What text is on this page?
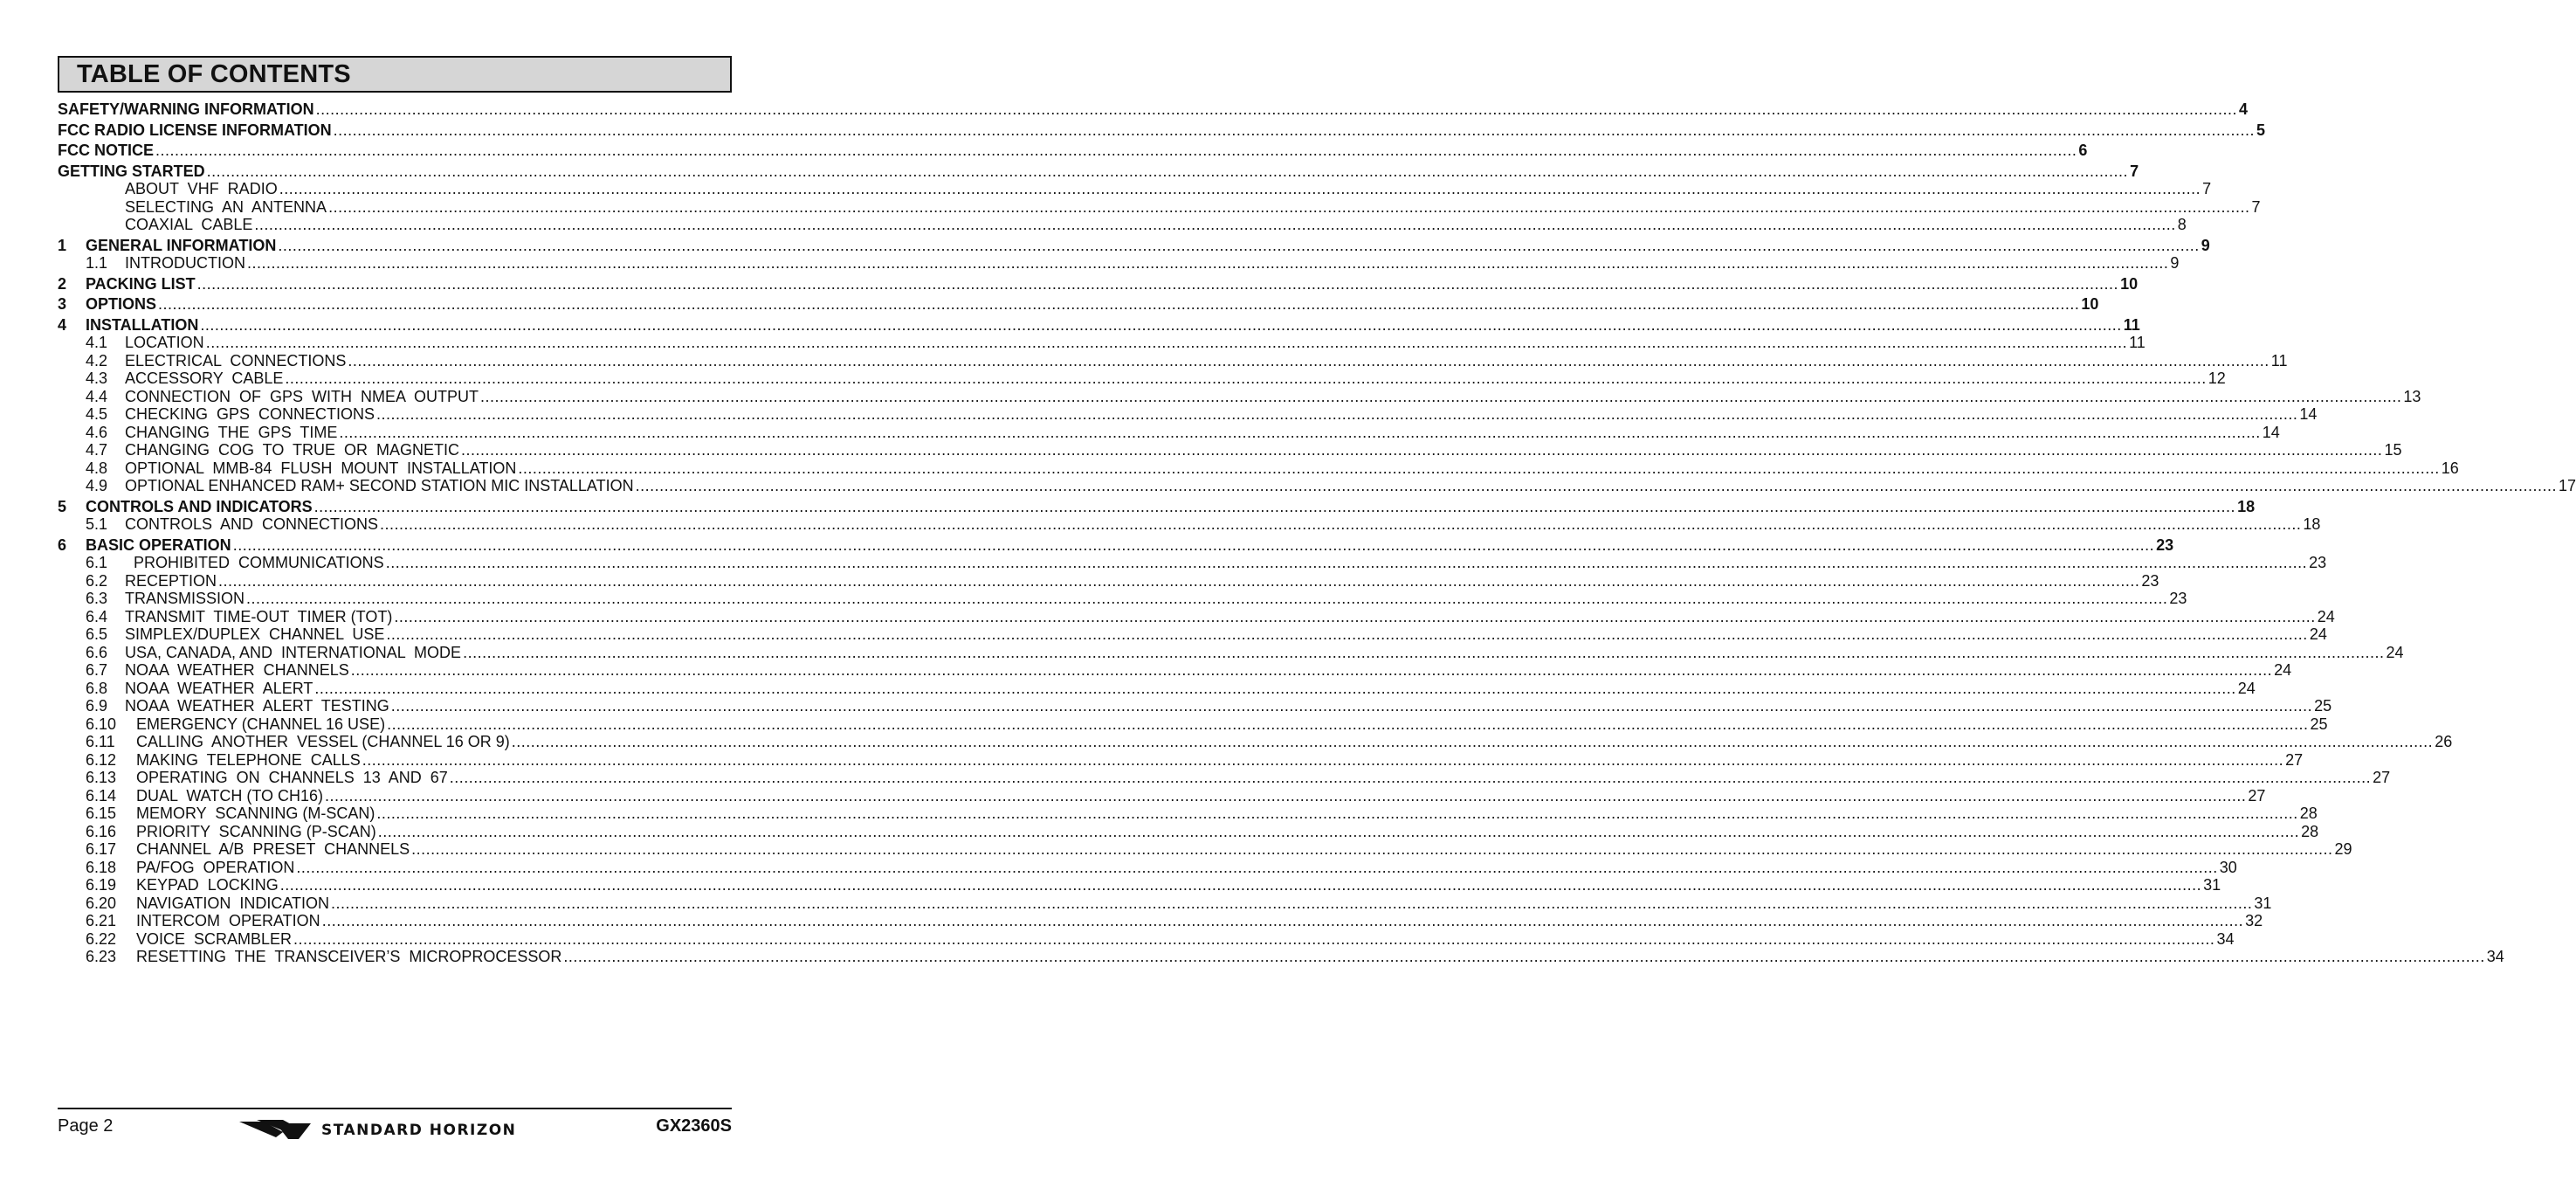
TABLE OF CONTENTS
SAFETY/WARNING INFORMATION ................................................................................................................................................................................................................................................................................................................................................................................................................ 4
FCC RADIO LICENSE INFORMATION ................................................................................................................................................................................................................................................................................................................................................................................................................ 5
FCC NOTICE ................................................................................................................................................................................................................................................................................................................................................................................................................ 6
GETTING STARTED ................................................................................................................................................................................................................................................................................................................................................................................................................ 7
ABOUT  VHF  RADIO ................................................................................................................................................................................................................................................................................................................................................................................................................ 7
SELECTING  AN  ANTENNA ................................................................................................................................................................................................................................................................................................................................................................................................................ 7
COAXIAL  CABLE ................................................................................................................................................................................................................................................................................................................................................................................................................ 8
1	GENERAL INFORMATION ................................................................................................................................................................................................................................................................................................................................................................................................................ 9
1.1	INTRODUCTION ................................................................................................................................................................................................................................................................................................................................................................................................................ 9
2	PACKING LIST ................................................................................................................................................................................................................................................................................................................................................................................................................ 10
3	OPTIONS ................................................................................................................................................................................................................................................................................................................................................................................................................ 10
4	INSTALLATION ................................................................................................................................................................................................................................................................................................................................................................................................................ 11
4.1	LOCATION ................................................................................................................................................................................................................................................................................................................................................................................................................ 11
4.2	ELECTRICAL  CONNECTIONS ................................................................................................................................................................................................................................................................................................................................................................................................................ 11
4.3	ACCESSORY  CABLE ................................................................................................................................................................................................................................................................................................................................................................................................................ 12
4.4	CONNECTION  OF  GPS  WITH  NMEA  OUTPUT ................................................................................................................................................................................................................................................................................................................................................................................................................ 13
4.5	CHECKING  GPS  CONNECTIONS ................................................................................................................................................................................................................................................................................................................................................................................................................ 14
4.6	CHANGING  THE  GPS  TIME ................................................................................................................................................................................................................................................................................................................................................................................................................ 14
4.7	CHANGING  COG  TO  TRUE  OR  MAGNETIC ................................................................................................................................................................................................................................................................................................................................................................................................................ 15
4.8	OPTIONAL  MMB-84  FLUSH  MOUNT  INSTALLATION ................................................................................................................................................................................................................................................................................................................................................................................................................ 16
4.9	OPTIONAL ENHANCED RAM+ SECOND STATION MIC INSTALLATION ................................................................................................................................................................................................................................................................................................................................................................................................................ 17
5	CONTROLS AND INDICATORS ................................................................................................................................................................................................................................................................................................................................................................................................................ 18
5.1	CONTROLS  AND  CONNECTIONS ................................................................................................................................................................................................................................................................................................................................................................................................................ 18
6	BASIC OPERATION ................................................................................................................................................................................................................................................................................................................................................................................................................ 23
6.1	PROHIBITED  COMMUNICATIONS ................................................................................................................................................................................................................................................................................................................................................................................................................ 23
6.2	RECEPTION ................................................................................................................................................................................................................................................................................................................................................................................................................ 23
6.3	TRANSMISSION ................................................................................................................................................................................................................................................................................................................................................................................................................ 23
6.4	TRANSMIT  TIME-OUT  TIMER (TOT) ................................................................................................................................................................................................................................................................................................................................................................................................................ 24
6.5	SIMPLEX/DUPLEX  CHANNEL  USE ................................................................................................................................................................................................................................................................................................................................................................................................................ 24
6.6	USA, CANADA, AND  INTERNATIONAL  MODE ................................................................................................................................................................................................................................................................................................................................................................................................................ 24
6.7	NOAA  WEATHER  CHANNELS ................................................................................................................................................................................................................................................................................................................................................................................................................ 24
6.8	NOAA  WEATHER  ALERT ................................................................................................................................................................................................................................................................................................................................................................................................................ 24
6.9	NOAA  WEATHER  ALERT  TESTING ................................................................................................................................................................................................................................................................................................................................................................................................................ 25
6.10	EMERGENCY (CHANNEL 16 USE) ................................................................................................................................................................................................................................................................................................................................................................................................................ 25
6.11	CALLING  ANOTHER  VESSEL (CHANNEL 16 OR 9) ................................................................................................................................................................................................................................................................................................................................................................................................................ 26
6.12	MAKING  TELEPHONE  CALLS ................................................................................................................................................................................................................................................................................................................................................................................................................ 27
6.13	OPERATING  ON  CHANNELS  13  AND  67 ................................................................................................................................................................................................................................................................................................................................................................................................................ 27
6.14	DUAL  WATCH (TO CH16) ................................................................................................................................................................................................................................................................................................................................................................................................................ 27
6.15	MEMORY  SCANNING (M-SCAN) ................................................................................................................................................................................................................................................................................................................................................................................................................ 28
6.16	PRIORITY  SCANNING (P-SCAN) ................................................................................................................................................................................................................................................................................................................................................................................................................ 28
6.17	CHANNEL  A/B  PRESET  CHANNELS ................................................................................................................................................................................................................................................................................................................................................................................................................ 29
6.18	PA/FOG  OPERATION ................................................................................................................................................................................................................................................................................................................................................................................................................ 30
6.19	KEYPAD  LOCKING ................................................................................................................................................................................................................................................................................................................................................................................................................ 31
6.20	NAVIGATION  INDICATION ................................................................................................................................................................................................................................................................................................................................................................................................................ 31
6.21	INTERCOM  OPERATION ................................................................................................................................................................................................................................................................................................................................................................................................................ 32
6.22	VOICE  SCRAMBLER ................................................................................................................................................................................................................................................................................................................................................................................................................ 34
6.23	RESETTING  THE  TRANSCEIVER’S  MICROPROCESSOR ................................................................................................................................................................................................................................................................................................................................................................................................................ 34
Page 2	STANDARD HORIZON	GX2360S
